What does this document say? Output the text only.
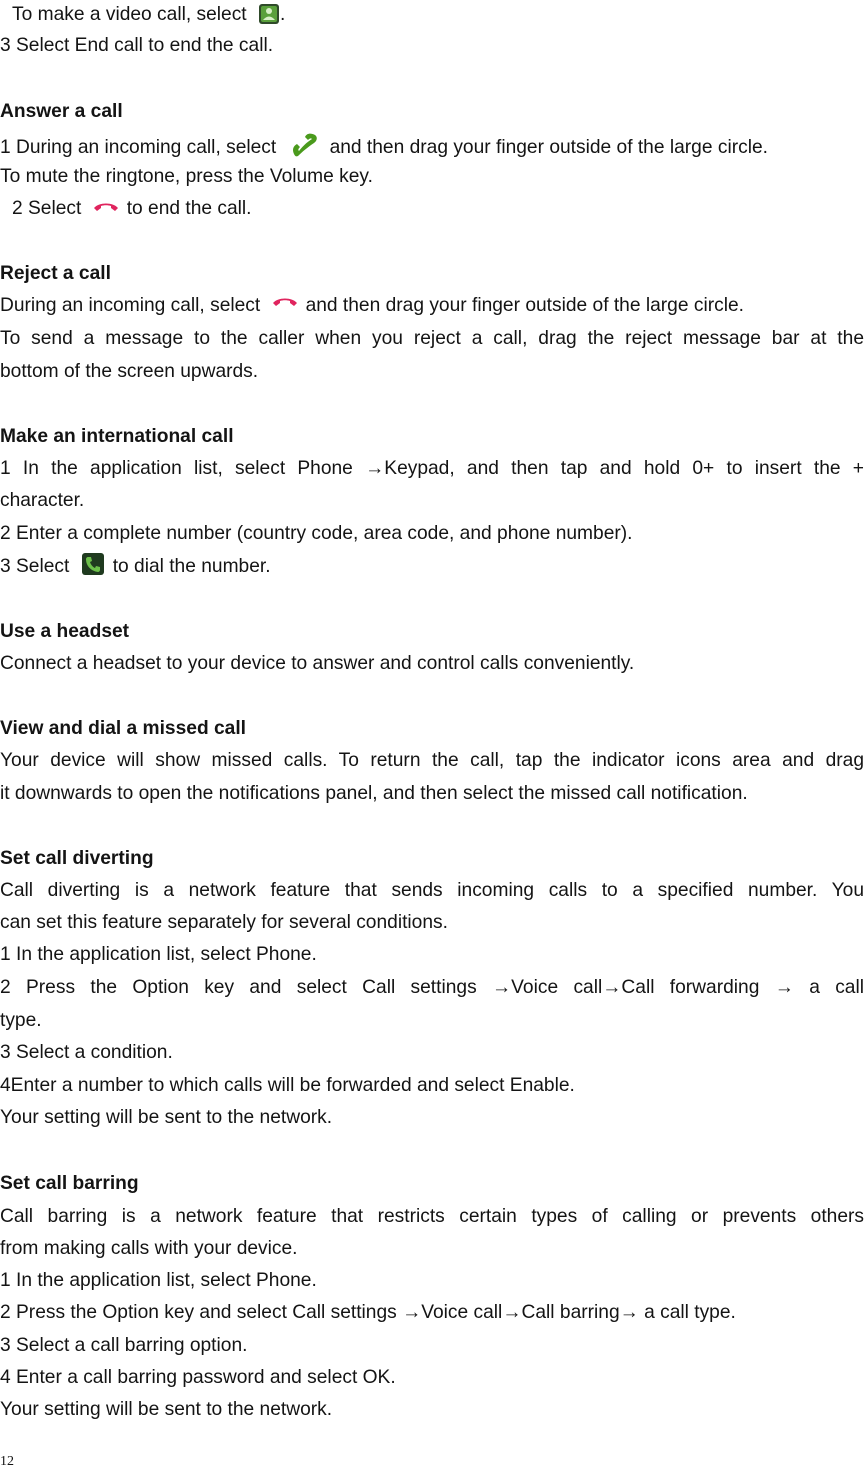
To make a video call, select .
3 Select End call to end the call.
Answer a call
1 During an incoming call, select	and then drag your finger outside of the large circle.
To mute the ringtone, press the Volume key.
2 Select to end the call.
Reject a call
During an incoming call, select and then drag your finger outside of the large circle.
To send a message to the caller when you reject a call, drag the reject message bar at the
bottom of the screen upwards.
Make an international call
1 In the application list, select Phone →Keypad, and then tap and hold 0+ to insert the +
character.
2 Enter a complete number (country code, area code, and phone number).
3 Select to dial the number.
Use a headset
Connect a headset to your device to answer and control calls conveniently.
View and dial a missed call
Your device will show missed calls. To return the call, tap the indicator icons area and drag
it downwards to open the notifications panel, and then select the missed call notification.
Set call diverting
Call diverting is a network feature that sends incoming calls to a specified number. You
can set this feature separately for several conditions.
1 In the application list, select Phone.
2 Press the Option key and select Call settings →Voice call→Call forwarding → a call
type.
3 Select a condition.
4Enter a number to which calls will be forwarded and select Enable.
Your setting will be sent to the network.
Set call barring
Call barring is a network feature that restricts certain types of calling or prevents others
from making calls with your device.
1 In the application list, select Phone.
2 Press the Option key and select Call settings →Voice call→Call barring→ a call type.
3 Select a call barring option.
4 Enter a call barring password and select OK.
Your setting will be sent to the network.
12
